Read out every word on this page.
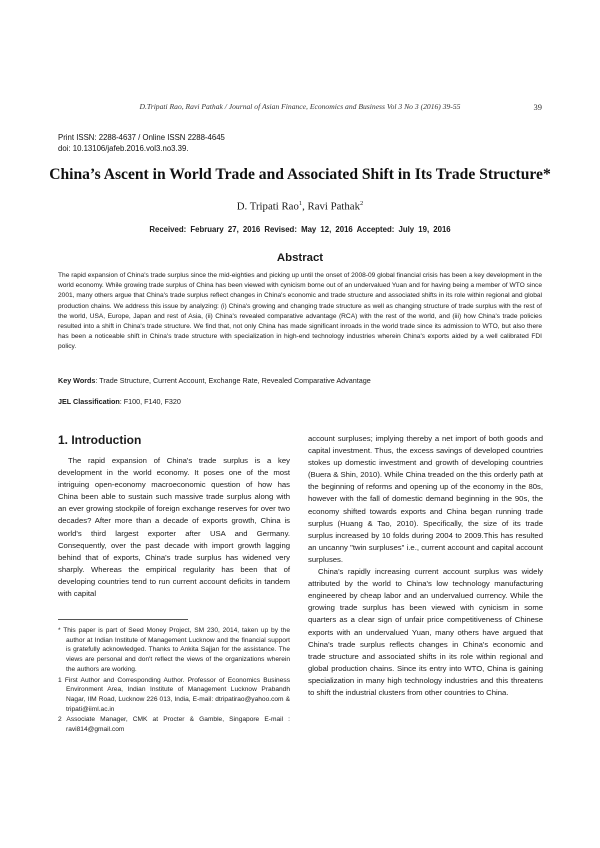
D.Tripati Rao, Ravi Pathak / Journal of Asian Finance, Economics and Business Vol 3 No 3 (2016) 39-55	39
Print ISSN: 2288-4637 / Online ISSN 2288-4645
doi: 10.13106/jafeb.2016.vol3.no3.39.
China’s Ascent in World Trade and Associated Shift in Its Trade Structure*
D. Tripati Rao$^1$, Ravi Pathak$^2$
Received: February 27, 2016 Revised: May 12, 2016 Accepted: July 19, 2016
Abstract
The rapid expansion of China's trade surplus since the mid-eighties and picking up until the onset of 2008-09 global financial crisis has been a key development in the world economy. While growing trade surplus of China has been viewed with cynicism borne out of an undervalued Yuan and for having being a member of WTO since 2001, many others argue that China's trade surplus reflect changes in China's economic and trade structure and associated shifts in its role within regional and global production chains. We address this issue by analyzing: (i) China's growing and changing trade structure as well as changing structure of trade surplus with the rest of the world, USA, Europe, Japan and rest of Asia, (ii) China's revealed comparative advantage (RCA) with the rest of the world, and (iii) how China's trade policies resulted into a shift in China's trade structure. We find that, not only China has made significant inroads in the world trade since its admission to WTO, but also there has been a noticeable shift in China's trade structure with specialization in high-end technology industries wherein China's exports aided by a well calibrated FDI policy.
Key Words: Trade Structure, Current Account, Exchange Rate, Revealed Comparative Advantage
JEL Classification: F100, F140, F320
1. Introduction

The rapid expansion of China's trade surplus is a key development in the world economy. It poses one of the most intriguing open-economy macroeconomic question of how has China been able to sustain such massive trade surplus along with an ever growing stockpile of foreign exchange reserves for over two decades? After more than a decade of exports growth, China is world's third largest exporter after USA and Germany. Consequently, over the past decade with import growth lagging behind that of exports, China's trade surplus has widened very sharply. Whereas the empirical regularity has been that of developing countries tend to run current account deficits in tandem with capital

account surpluses; implying thereby a net import of both goods and capital investment. Thus, the excess savings of developed countries stokes up domestic investment and growth of developing countries (Buera & Shin, 2010). While China treaded on the this orderly path at the beginning of reforms and opening up of the economy in the 80s, however with the fall of domestic demand beginning in the 90s, the economy shifted towards exports and China began running trade surplus (Huang & Tao, 2010). Specifically, the size of its trade surplus increased by 10 folds during 2004 to 2009.This has resulted an uncanny "twin surpluses" i.e., current account and capital account surpluses.

China's rapidly increasing current account surplus was widely attributed by the world to China's low technology manufacturing engineered by cheap labor and an undervalued currency. While the growing trade surplus has been viewed with cynicism in some quarters as a clear sign of unfair price competitiveness of Chinese exports with an undervalued Yuan, many others have argued that China's trade surplus reflects changes in China's economic and trade structure and associated shifts in its role within regional and global production chains. Since its entry into WTO, China is gaining specialization in many high technology industries and this threatens to shift the industrial clusters from other countries to China.

* This paper is part of Seed Money Project, SM 230, 2014, taken up by the author at Indian Institute of Management Lucknow and the financial support is gratefully acknowledged. Thanks to Ankita Sajjan for the assistance. The views are personal and don't reflect the views of the organizations wherein the authors are working.

1 First Author and Corresponding Author. Professor of Economics Business Environment Area, Indian Institute of Management Lucknow Prabandh Nagar, IIM Road, Lucknow 226 013, India, E-mail: dtripatirao@yahoo.com & tripati@iiml.ac.in

2 Associate Manager, CMK at Procter & Gamble, Singapore E-mail : ravi814@gmail.com
